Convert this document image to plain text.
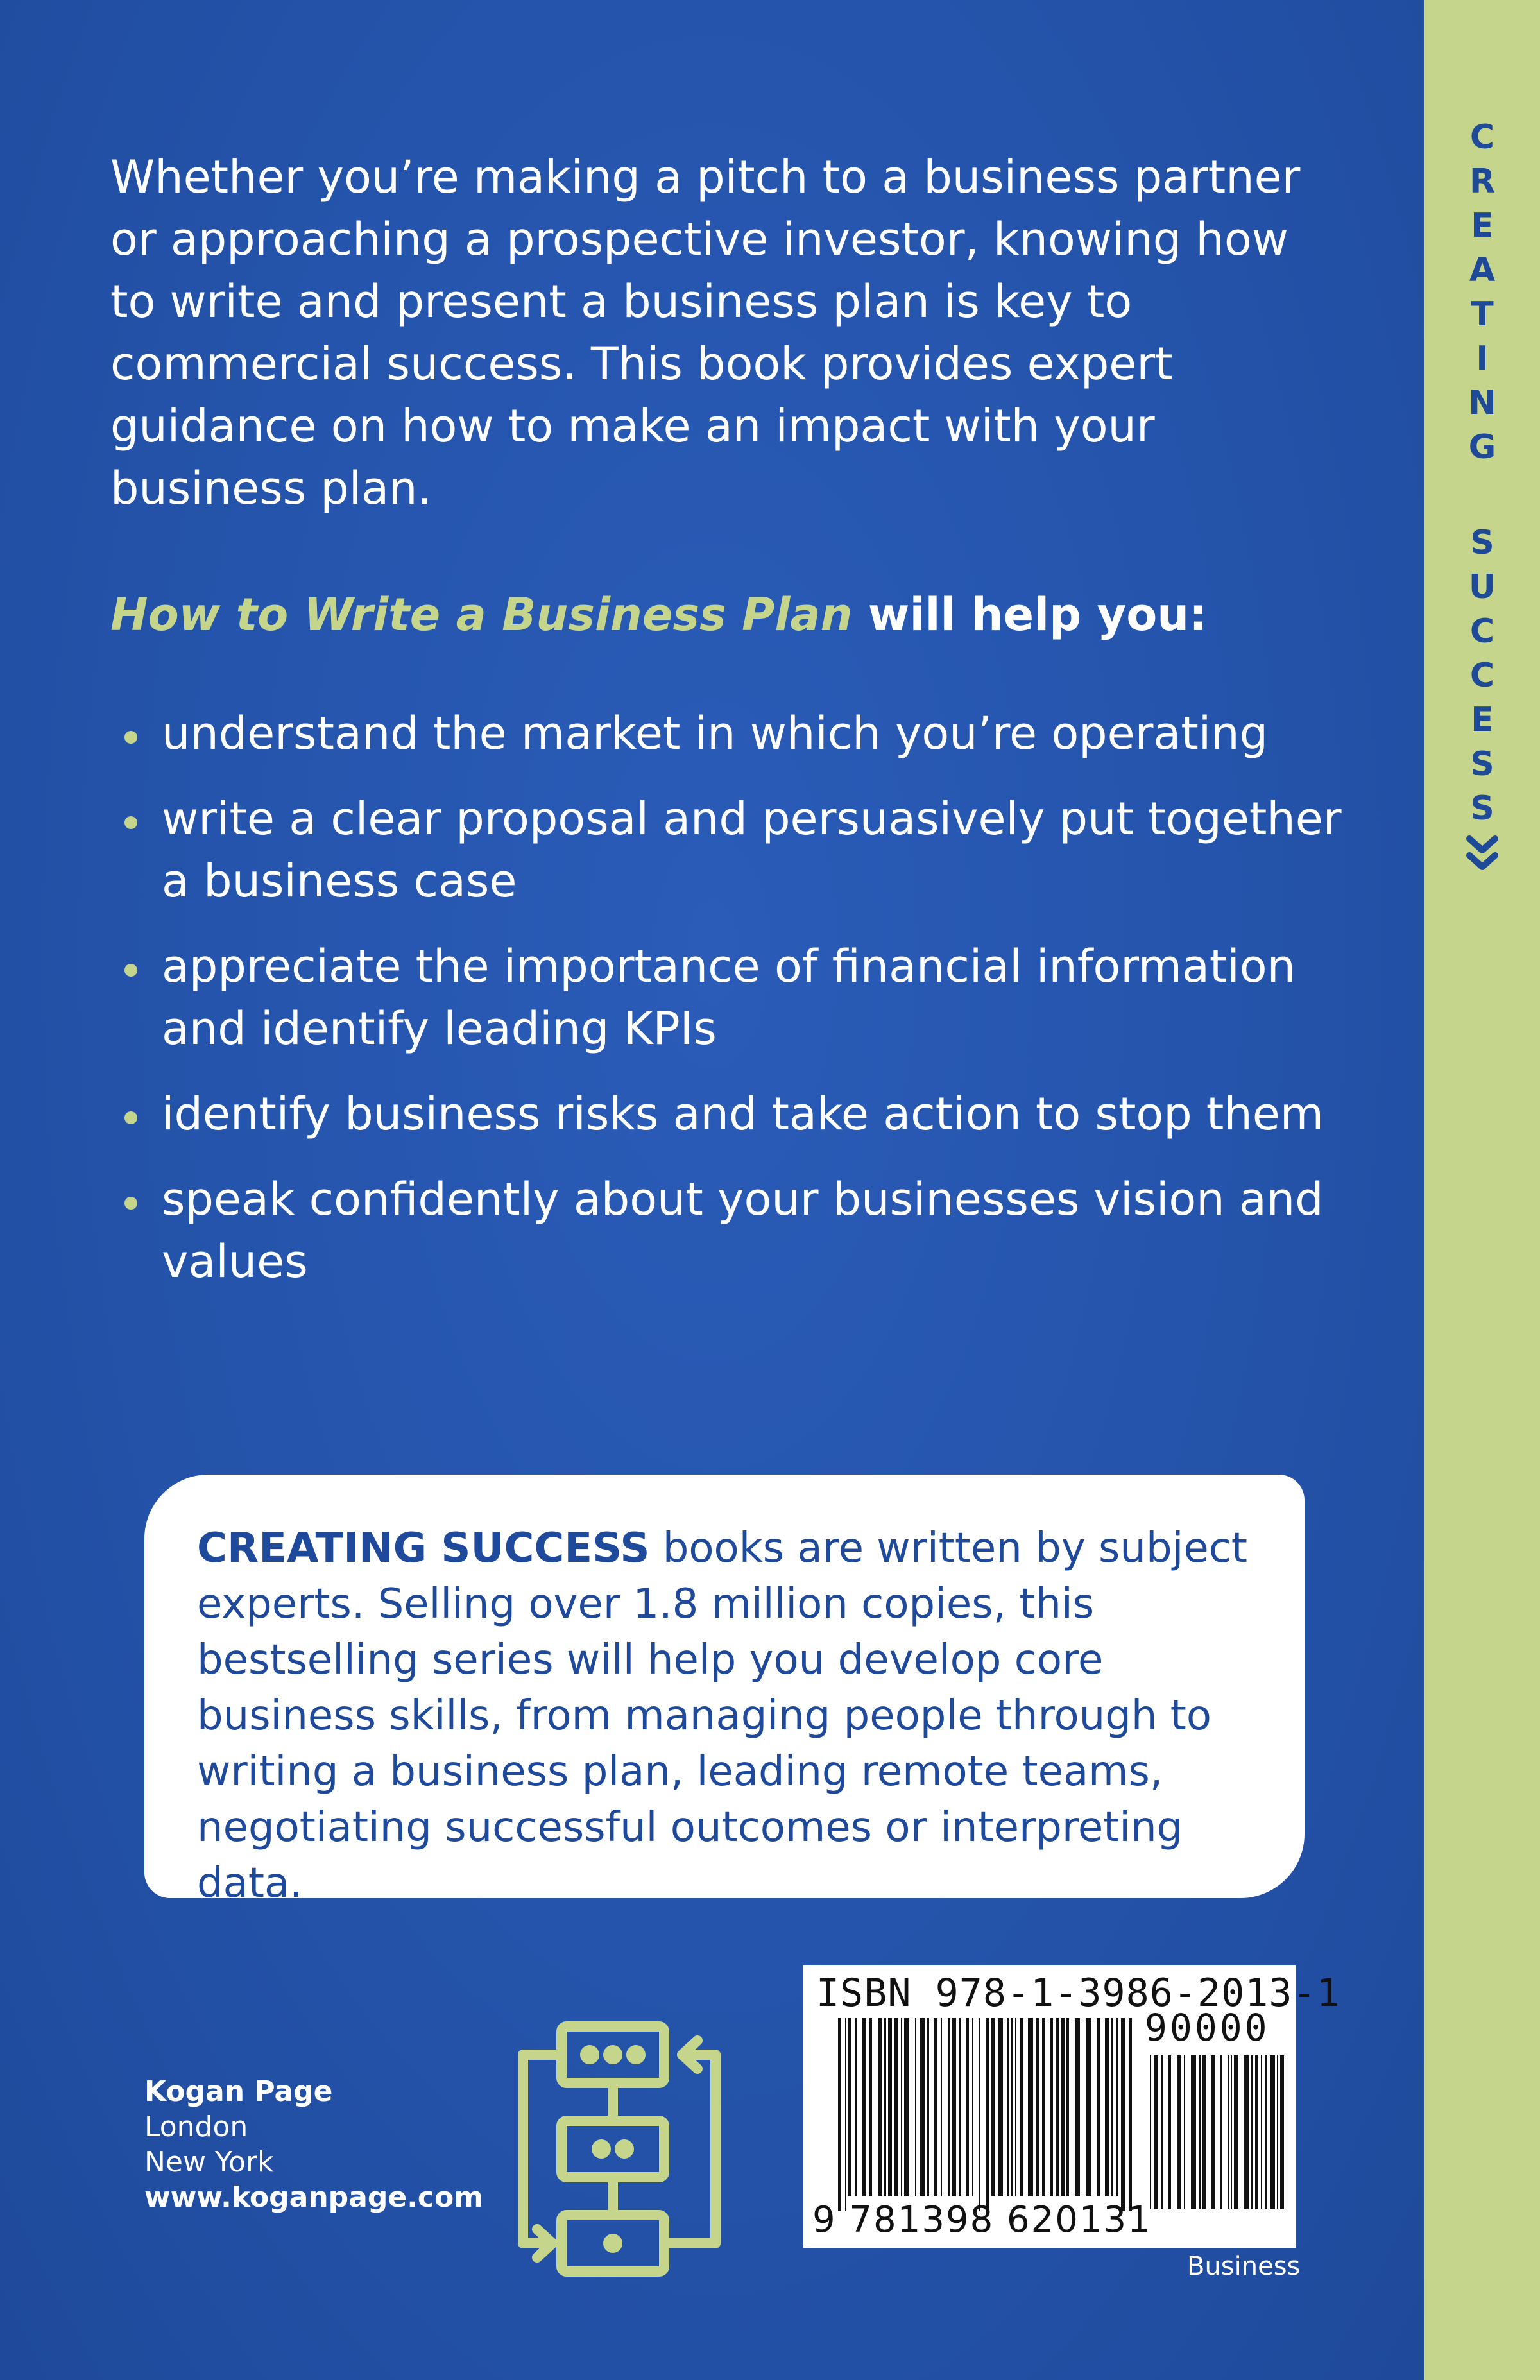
Whether you’re making a pitch to a business partner or approaching a prospective investor, knowing how to write and present a business plan is key to commercial success. This book provides expert guidance on how to make an impact with your business plan.

How to Write a Business Plan will help you:

understand the market in which you’re operating
write a clear proposal and persuasively put together a business case
appreciate the importance of financial information and identify leading KPIs
identify business risks and take action to stop them
speak confidently about your businesses vision and values

CREATING SUCCESS books are written by subject experts. Selling over 1.8 million copies, this bestselling series will help you develop core business skills, from managing people through to writing a business plan, leading remote teams, negotiating successful outcomes or interpreting data.

Kogan Page
London
New York
www.koganpage.com
ISBN 978-1-3986-2013-1
90000
9 781398 620131
Business
C
R
E
A
T
I
N
G
S
U
C
C
E
S
S
